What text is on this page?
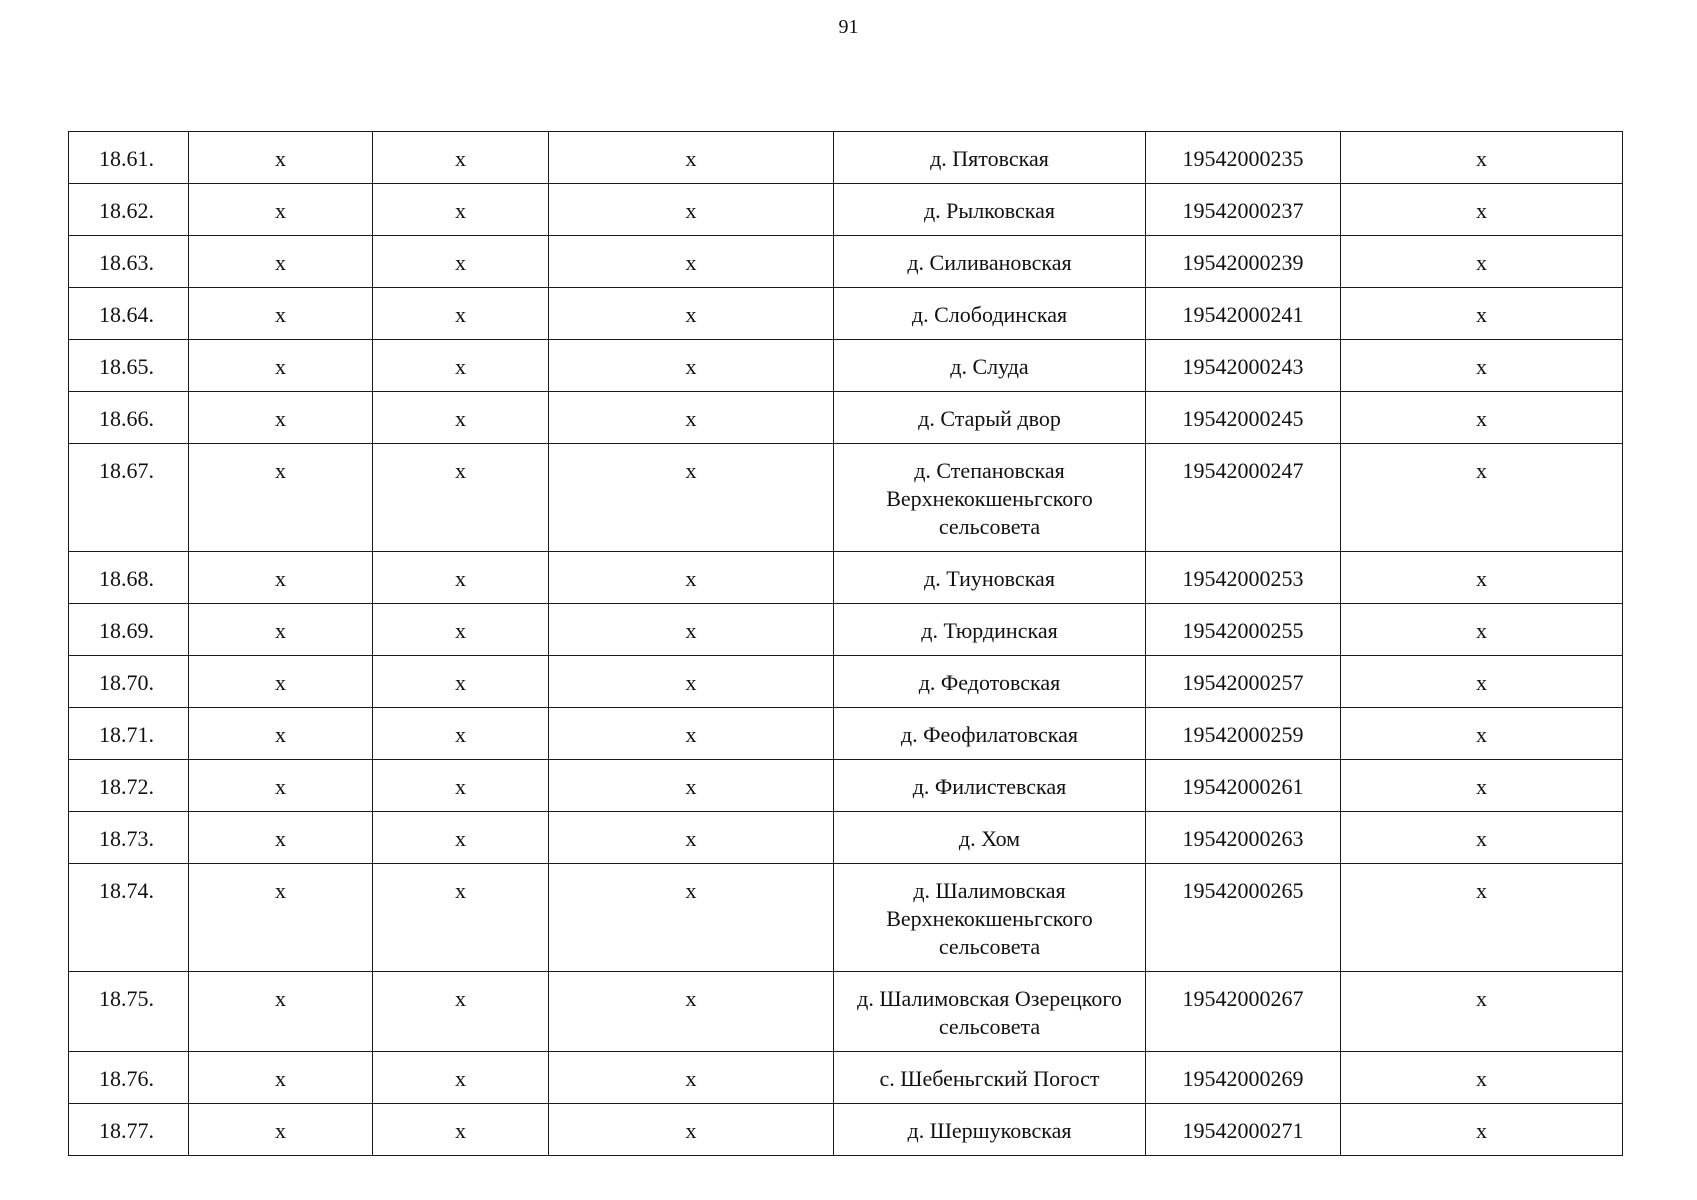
91
18.61.	x	x	x	д. Пятовская	19542000235	x
18.62.	x	x	x	д. Рылковская	19542000237	x
18.63.	x	x	x	д. Силивановская	19542000239	x
18.64.	x	x	x	д. Слободинская	19542000241	x
18.65.	x	x	x	д. Слуда	19542000243	x
18.66.	x	x	x	д. Старый двор	19542000245	x
18.67.	x	x	x	д. Степановская Верхнекокшеньгского сельсовета	19542000247	x
18.68.	x	x	x	д. Тиуновская	19542000253	x
18.69.	x	x	x	д. Тюрдинская	19542000255	x
18.70.	x	x	x	д. Федотовская	19542000257	x
18.71.	x	x	x	д. Феофилатовская	19542000259	x
18.72.	x	x	x	д. Филистевская	19542000261	x
18.73.	x	x	x	д. Хом	19542000263	x
18.74.	x	x	x	д. Шалимовская Верхнекокшеньгского сельсовета	19542000265	x
18.75.	x	x	x	д. Шалимовская Озерецкого сельсовета	19542000267	x
18.76.	x	x	x	с. Шебеньгский Погост	19542000269	x
18.77.	x	x	x	д. Шершуковская	19542000271	x
